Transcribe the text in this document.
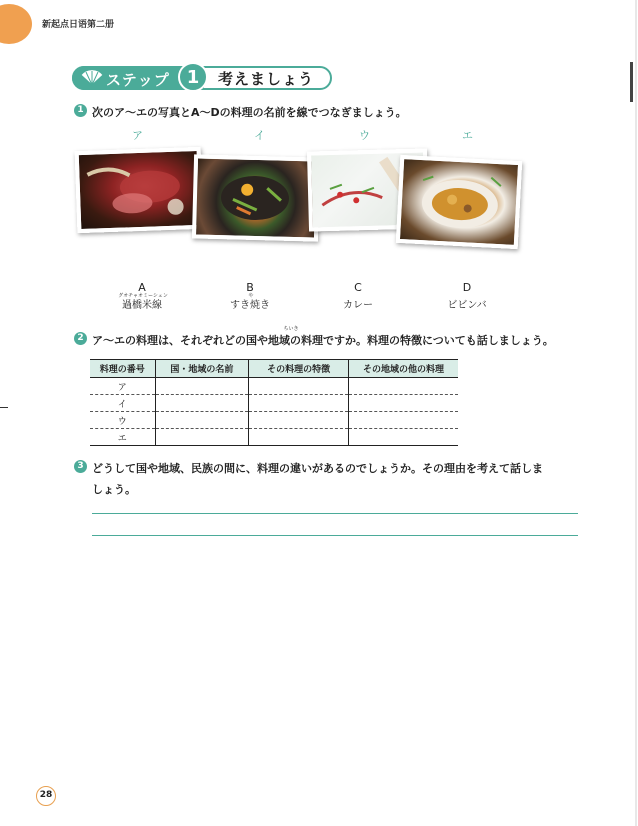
新起点日语第二册
ステップ 1	考えましょう
1 次のア〜エの写真とA〜Dの料理の名前を線でつなぎましょう。
ア	イ	ウ	エ
A
グオチャオミーシェン
過橋米線
B
や
すき焼き
C
カレー
D
ビビンバ
2
ちいき
ア〜エの料理は、それぞれどの国や地域の料理ですか。料理の特徴についても話しましょう。
料理の番号	国・地域の名前	その料理の特徴	その地域の他の料理
ア			
イ			
ウ			
エ			
3 どうして国や地域、民族の間に、料理の違いがあるのでしょうか。その理由を考えて話しま
しょう。
28
